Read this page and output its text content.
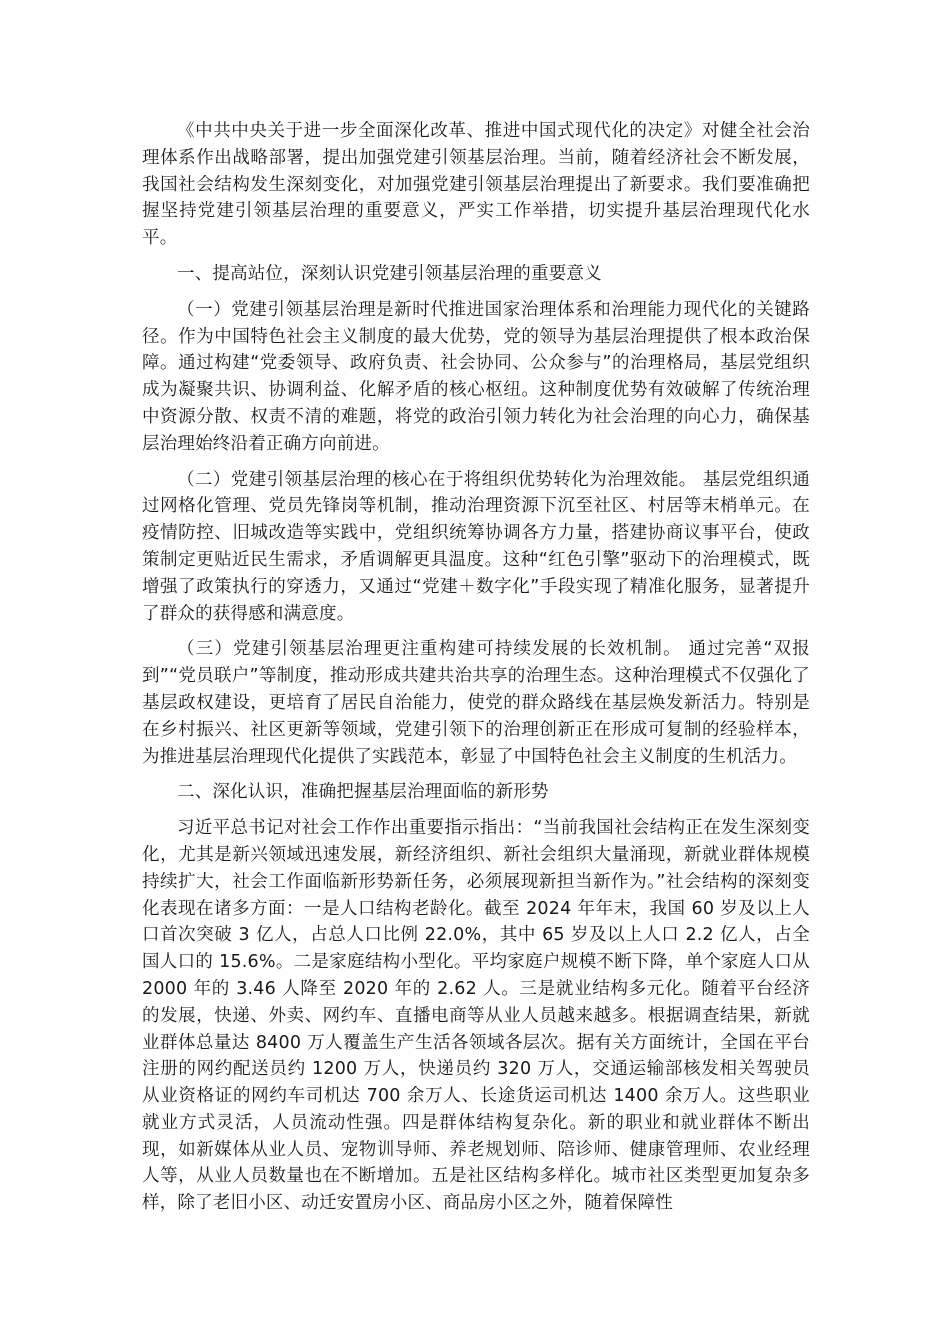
《中共中央关于进一步全面深化改革、推进中国式现代化的决定》对健全社会治理体系作出战略部署，提出加强党建引领基层治理。当前，随着经济社会不断发展，我国社会结构发生深刻变化，对加强党建引领基层治理提出了新要求。我们要准确把握坚持党建引领基层治理的重要意义，严实工作举措，切实提升基层治理现代化水平。

一、提高站位，深刻认识党建引领基层治理的重要意义

（一）党建引领基层治理是新时代推进国家治理体系和治理能力现代化的关键路径。作为中国特色社会主义制度的最大优势，党的领导为基层治理提供了根本政治保障。通过构建“党委领导、政府负责、社会协同、公众参与”的治理格局，基层党组织成为凝聚共识、协调利益、化解矛盾的核心枢纽。这种制度优势有效破解了传统治理中资源分散、权责不清的难题，将党的政治引领力转化为社会治理的向心力，确保基层治理始终沿着正确方向前进。

（二）党建引领基层治理的核心在于将组织优势转化为治理效能。 基层党组织通过网格化管理、党员先锋岗等机制，推动治理资源下沉至社区、村居等末梢单元。在疫情防控、旧城改造等实践中，党组织统筹协调各方力量，搭建协商议事平台，使政策制定更贴近民生需求，矛盾调解更具温度。这种“红色引擎”驱动下的治理模式，既增强了政策执行的穿透力，又通过“党建＋数字化”手段实现了精准化服务，显著提升了群众的获得感和满意度。

（三）党建引领基层治理更注重构建可持续发展的长效机制。 通过完善“双报到”“党员联户”等制度，推动形成共建共治共享的治理生态。这种治理模式不仅强化了基层政权建设，更培育了居民自治能力，使党的群众路线在基层焕发新活力。特别是在乡村振兴、社区更新等领域，党建引领下的治理创新正在形成可复制的经验样本，为推进基层治理现代化提供了实践范本，彰显了中国特色社会主义制度的生机活力。

二、深化认识，准确把握基层治理面临的新形势

习近平总书记对社会工作作出重要指示指出：“当前我国社会结构正在发生深刻变化，尤其是新兴领域迅速发展，新经济组织、新社会组织大量涌现，新就业群体规模持续扩大，社会工作面临新形势新任务，必须展现新担当新作为。”社会结构的深刻变化表现在诸多方面：一是人口结构老龄化。截至 2024 年年末，我国 60 岁及以上人口首次突破 3 亿人，占总人口比例 22.0%，其中 65 岁及以上人口 2.2 亿人，占全国人口的 15.6%。二是家庭结构小型化。平均家庭户规模不断下降，单个家庭人口从 2000 年的 3.46 人降至 2020 年的 2.62 人。三是就业结构多元化。随着平台经济的发展，快递、外卖、网约车、直播电商等从业人员越来越多。根据调查结果，新就业群体总量达 8400 万人覆盖生产生活各领域各层次。据有关方面统计，全国在平台注册的网约配送员约 1200 万人，快递员约 320 万人，交通运输部核发相关驾驶员从业资格证的网约车司机达 700 余万人、长途货运司机达 1400 余万人。这些职业就业方式灵活，人员流动性强。四是群体结构复杂化。新的职业和就业群体不断出现，如新媒体从业人员、宠物训导师、养老规划师、陪诊师、健康管理师、农业经理人等，从业人员数量也在不断增加。五是社区结构多样化。城市社区类型更加复杂多样，除了老旧小区、动迁安置房小区、商品房小区之外，随着保障性
